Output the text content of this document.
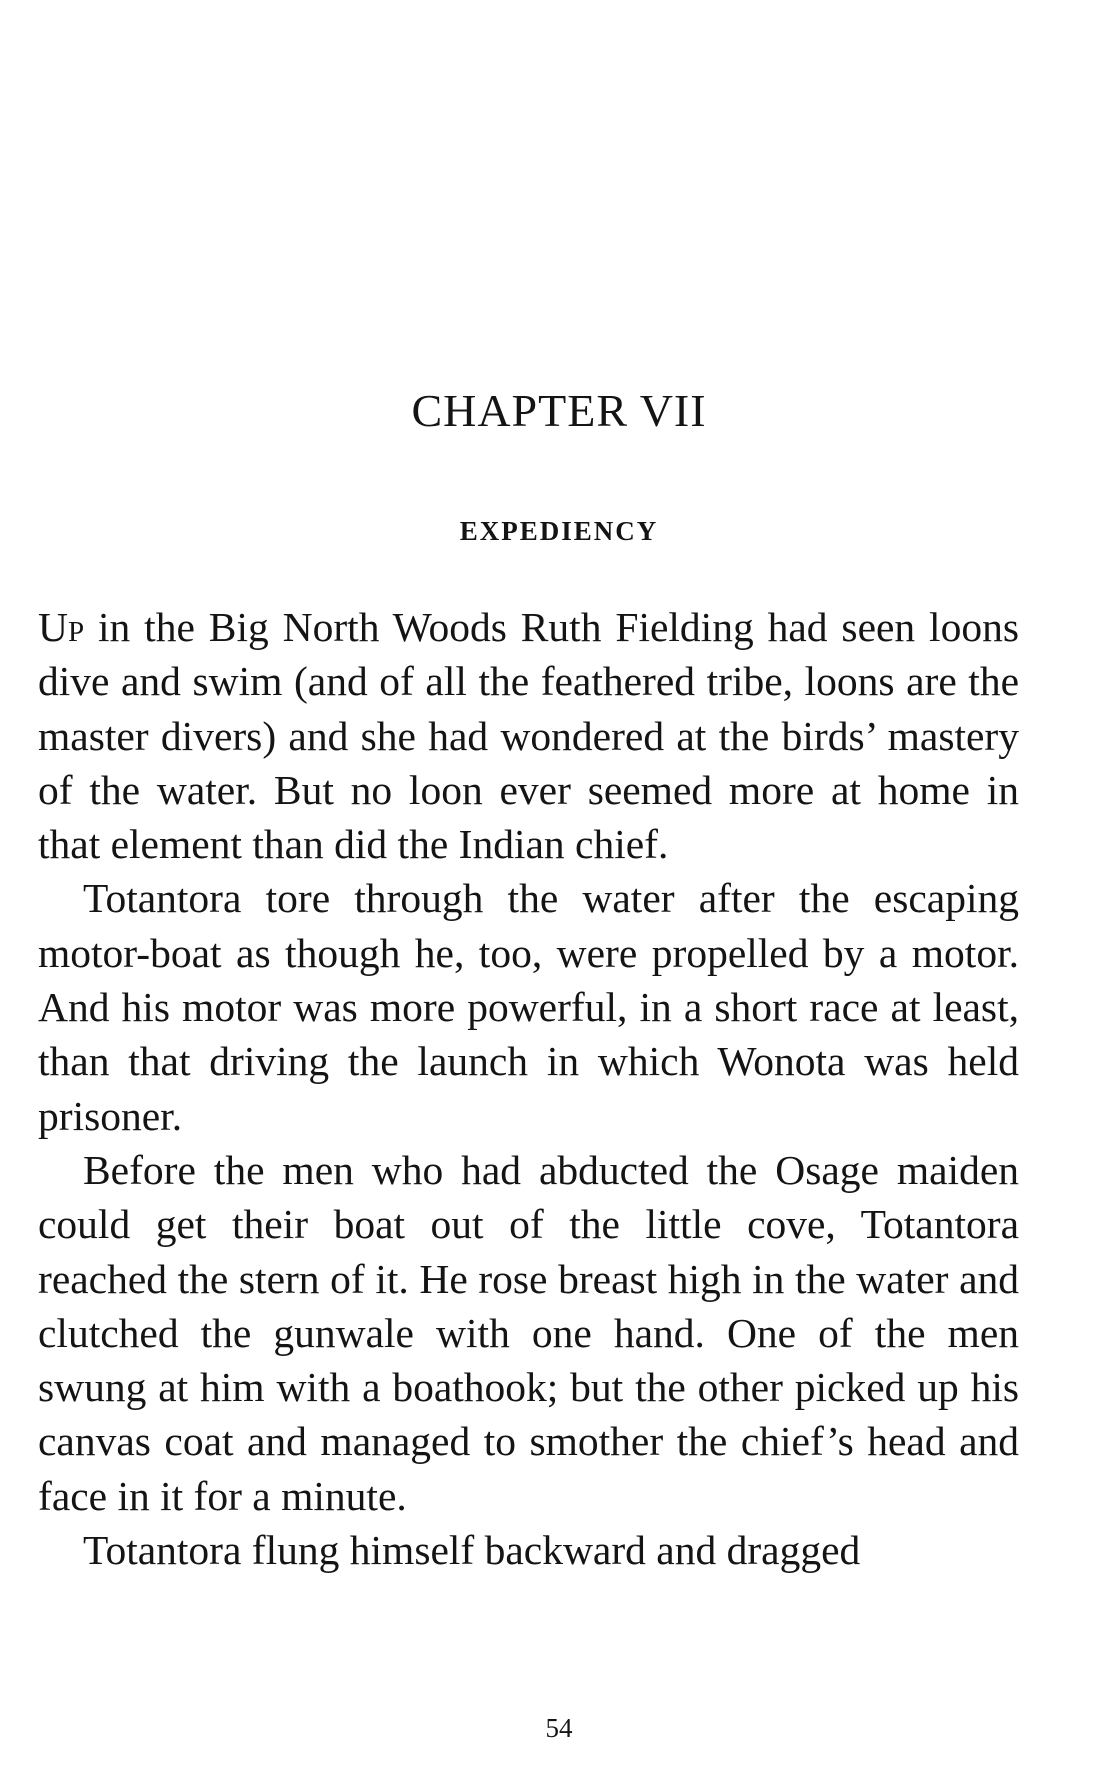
CHAPTER VII
EXPEDIENCY

Up in the Big North Woods Ruth Fielding had seen loons dive and swim (and of all the feathered tribe, loons are the master divers) and she had wondered at the birds’ mastery of the water. But no loon ever seemed more at home in that element than did the Indian chief.

Totantora tore through the water after the escaping motor-boat as though he, too, were propelled by a motor. And his motor was more powerful, in a short race at least, than that driving the launch in which Wonota was held prisoner.

Before the men who had abducted the Osage maiden could get their boat out of the little cove, Totantora reached the stern of it. He rose breast high in the water and clutched the gunwale with one hand. One of the men swung at him with a boathook; but the other picked up his canvas coat and managed to smother the chief’s head and face in it for a minute.

Totantora flung himself backward and dragged

54
